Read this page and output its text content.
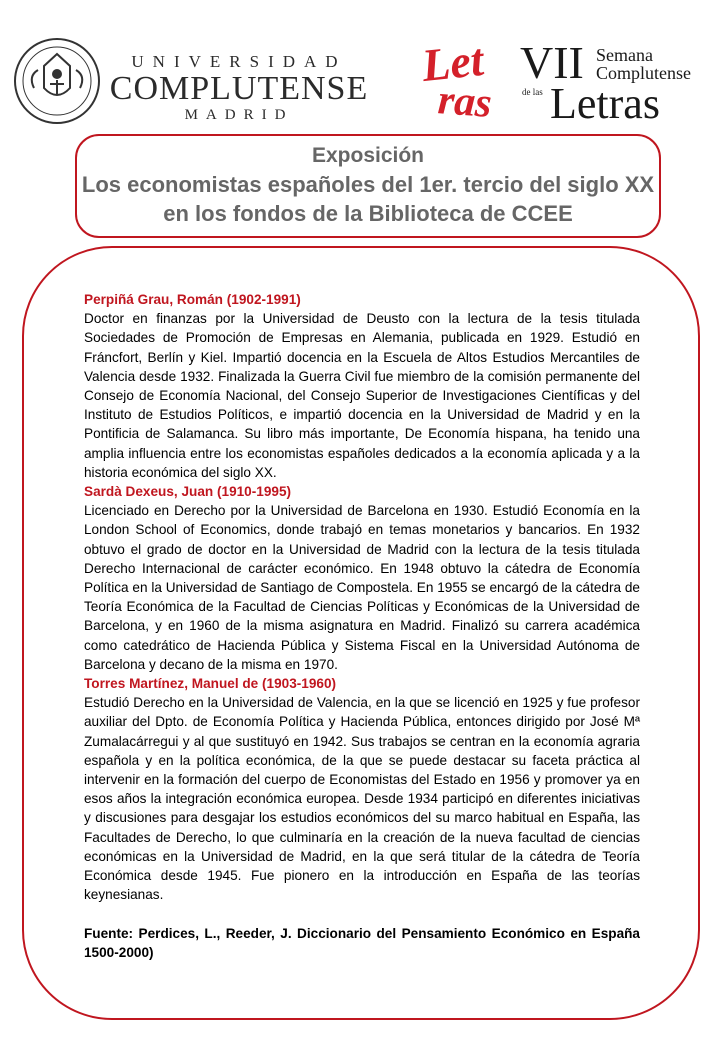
UNIVERSIDAD
COMPLUTENSE
MADRID
Let
ras
VII Semana
Complutense
de las Letras
Exposición
Los economistas españoles del 1er. tercio del siglo XX en los fondos de la Biblioteca de CCEE
Perpiñá Grau, Román (1902-1991)

Doctor en finanzas por la Universidad de Deusto con la lectura de la tesis titulada Sociedades de Promoción de Empresas en Alemania, publicada en 1929. Estudió en Fráncfort, Berlín y Kiel. Impartió docencia en la Escuela de Altos Estudios Mercantiles de Valencia desde 1932. Finalizada la Guerra Civil fue miembro de la comisión permanente del Consejo de Economía Nacional, del Consejo Superior de Investigaciones Científicas y del Instituto de Estudios Políticos, e impartió docencia en la Universidad de Madrid y en la Pontificia de Salamanca. Su libro más importante, De Economía hispana, ha tenido una amplia influencia entre los economistas españoles dedicados a la economía aplicada y a la historia económica del siglo XX.

Sardà Dexeus, Juan (1910-1995)

Licenciado en Derecho por la Universidad de Barcelona en 1930. Estudió Economía en la London School of Economics, donde trabajó en temas monetarios y bancarios. En 1932 obtuvo el grado de doctor en la Universidad de Madrid con la lectura de la tesis titulada Derecho Internacional de carácter económico. En 1948 obtuvo la cátedra de Economía Política en la Universidad de Santiago de Compostela. En 1955 se encargó de la cátedra de Teoría Económica de la Facultad de Ciencias Políticas y Económicas de la Universidad de Barcelona, y en 1960 de la misma asignatura en Madrid. Finalizó su carrera académica como catedrático de Hacienda Pública y Sistema Fiscal en la Universidad Autónoma de Barcelona y decano de la misma en 1970.

Torres Martínez, Manuel de (1903-1960)

Estudió Derecho en la Universidad de Valencia, en la que se licenció en 1925 y fue profesor auxiliar del Dpto. de Economía Política y Hacienda Pública, entonces dirigido por José Mª Zumalacárregui y al que sustituyó en 1942. Sus trabajos se centran en la economía agraria española y en la política económica, de la que se puede destacar su faceta práctica al intervenir en la formación del cuerpo de Economistas del Estado en 1956 y promover ya en esos años la integración económica europea. Desde 1934 participó en diferentes iniciativas y discusiones para desgajar los estudios económicos del su marco habitual en España, las Facultades de Derecho, lo que culminaría en la creación de la nueva facultad de ciencias económicas en la Universidad de Madrid, en la que será titular de la cátedra de Teoría Económica desde 1945. Fue pionero en la introducción en España de las teorías keynesianas.

Fuente: Perdices, L., Reeder, J. Diccionario del Pensamiento Económico en España 1500-2000)
